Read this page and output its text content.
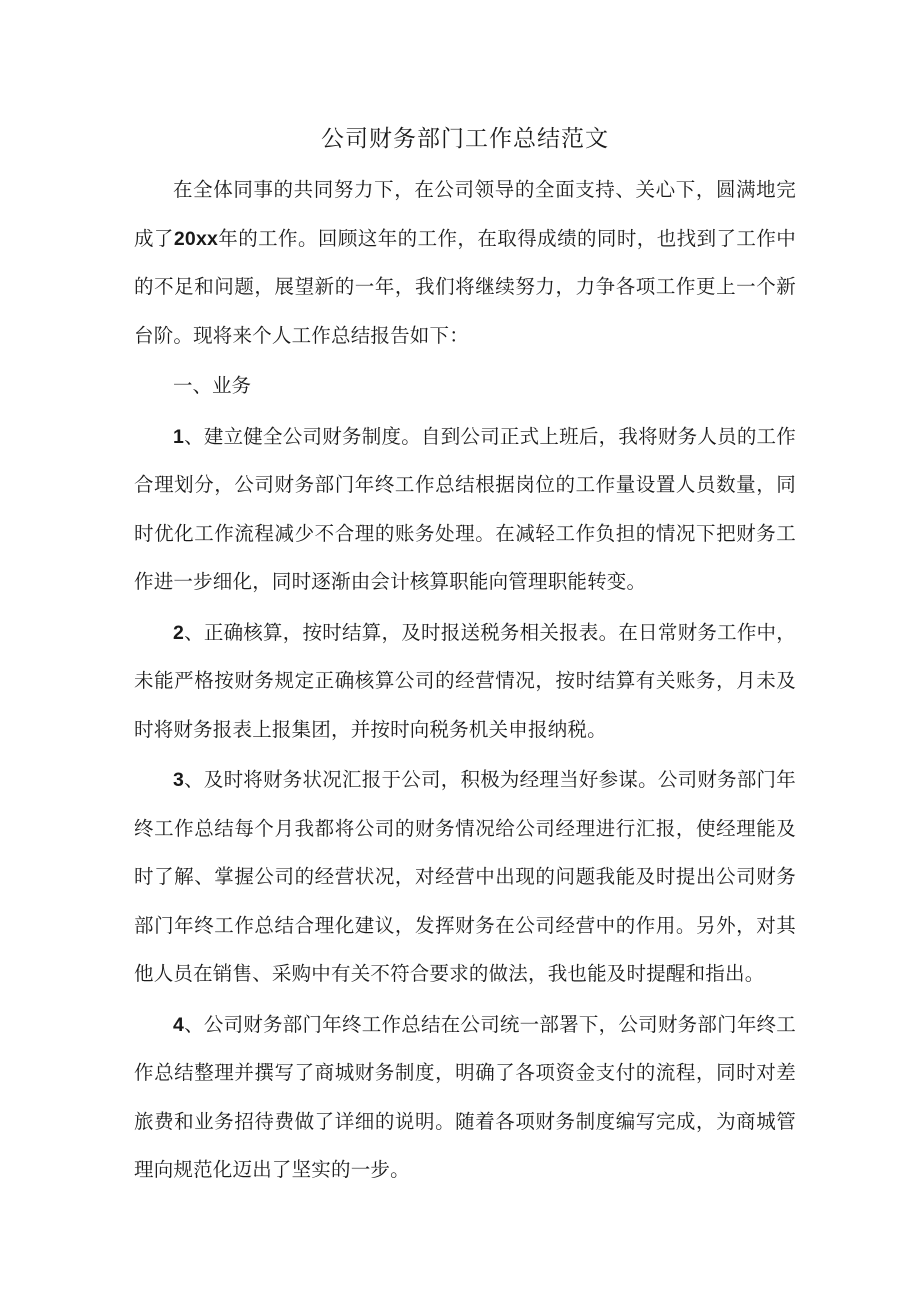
公司财务部门工作总结范文

在全体同事的共同努力下，在公司领导的全面支持、关心下，圆满地完成了20xx年的工作。回顾这年的工作，在取得成绩的同时，也找到了工作中的不足和问题，展望新的一年，我们将继续努力，力争各项工作更上一个新台阶。现将来个人工作总结报告如下：

一、业务

1、建立健全公司财务制度。自到公司正式上班后，我将财务人员的工作合理划分，公司财务部门年终工作总结根据岗位的工作量设置人员数量，同时优化工作流程减少不合理的账务处理。在减轻工作负担的情况下把财务工作进一步细化，同时逐渐由会计核算职能向管理职能转变。

2、正确核算，按时结算，及时报送税务相关报表。在日常财务工作中，未能严格按财务规定正确核算公司的经营情况，按时结算有关账务，月未及时将财务报表上报集团，并按时向税务机关申报纳税。

3、及时将财务状况汇报于公司，积极为经理当好参谋。公司财务部门年终工作总结每个月我都将公司的财务情况给公司经理进行汇报，使经理能及时了解、掌握公司的经营状况，对经营中出现的问题我能及时提出公司财务部门年终工作总结合理化建议，发挥财务在公司经营中的作用。另外，对其他人员在销售、采购中有关不符合要求的做法，我也能及时提醒和指出。

4、公司财务部门年终工作总结在公司统一部署下，公司财务部门年终工作总结整理并撰写了商城财务制度，明确了各项资金支付的流程，同时对差旅费和业务招待费做了详细的说明。随着各项财务制度编写完成，为商城管理向规范化迈出了坚实的一步。
